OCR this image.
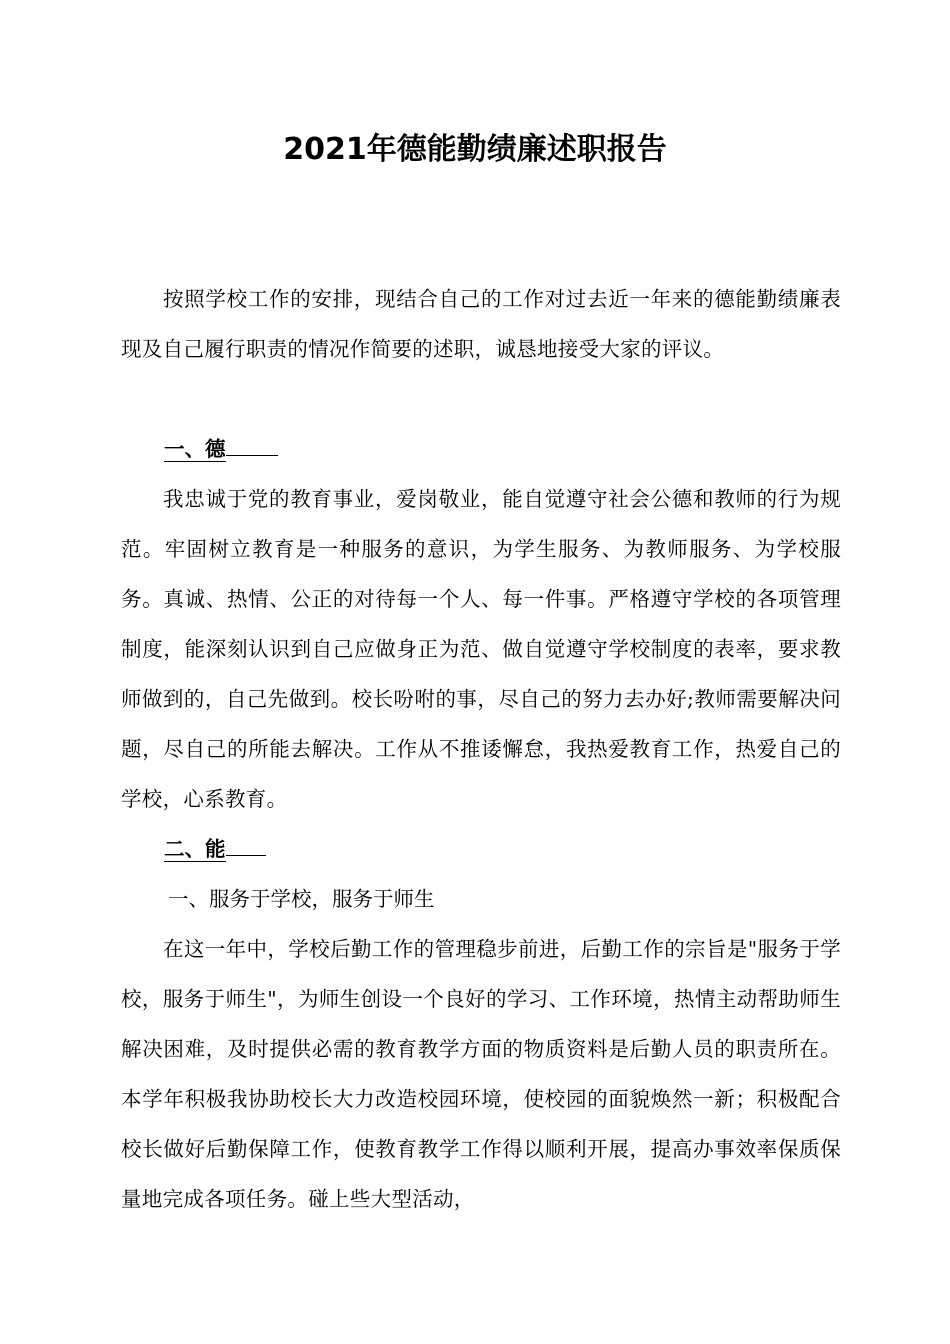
2021年德能勤绩廉述职报告

按照学校工作的安排，现结合自己的工作对过去近一年来的德能勤绩廉表现及自己履行职责的情况作简要的述职，诚恳地接受大家的评议。

一、德

我忠诚于党的教育事业，爱岗敬业，能自觉遵守社会公德和教师的行为规范。牢固树立教育是一种服务的意识，为学生服务、为教师服务、为学校服务。真诚、热情、公正的对待每一个人、每一件事。严格遵守学校的各项管理制度，能深刻认识到自己应做身正为范、做自觉遵守学校制度的表率，要求教师做到的，自己先做到。校长吩咐的事，尽自己的努力去办好;教师需要解决问题，尽自己的所能去解决。工作从不推诿懈怠，我热爱教育工作，热爱自己的学校，心系教育。

二、能
一、服务于学校，服务于师生

在这一年中，学校后勤工作的管理稳步前进，后勤工作的宗旨是"服务于学校，服务于师生"，为师生创设一个良好的学习、工作环境，热情主动帮助师生解决困难，及时提供必需的教育教学方面的物质资料是后勤人员的职责所在。本学年积极我协助校长大力改造校园环境，使校园的面貌焕然一新；积极配合校长做好后勤保障工作，使教育教学工作得以顺利开展，提高办事效率保质保量地完成各项任务。碰上些大型活动，
